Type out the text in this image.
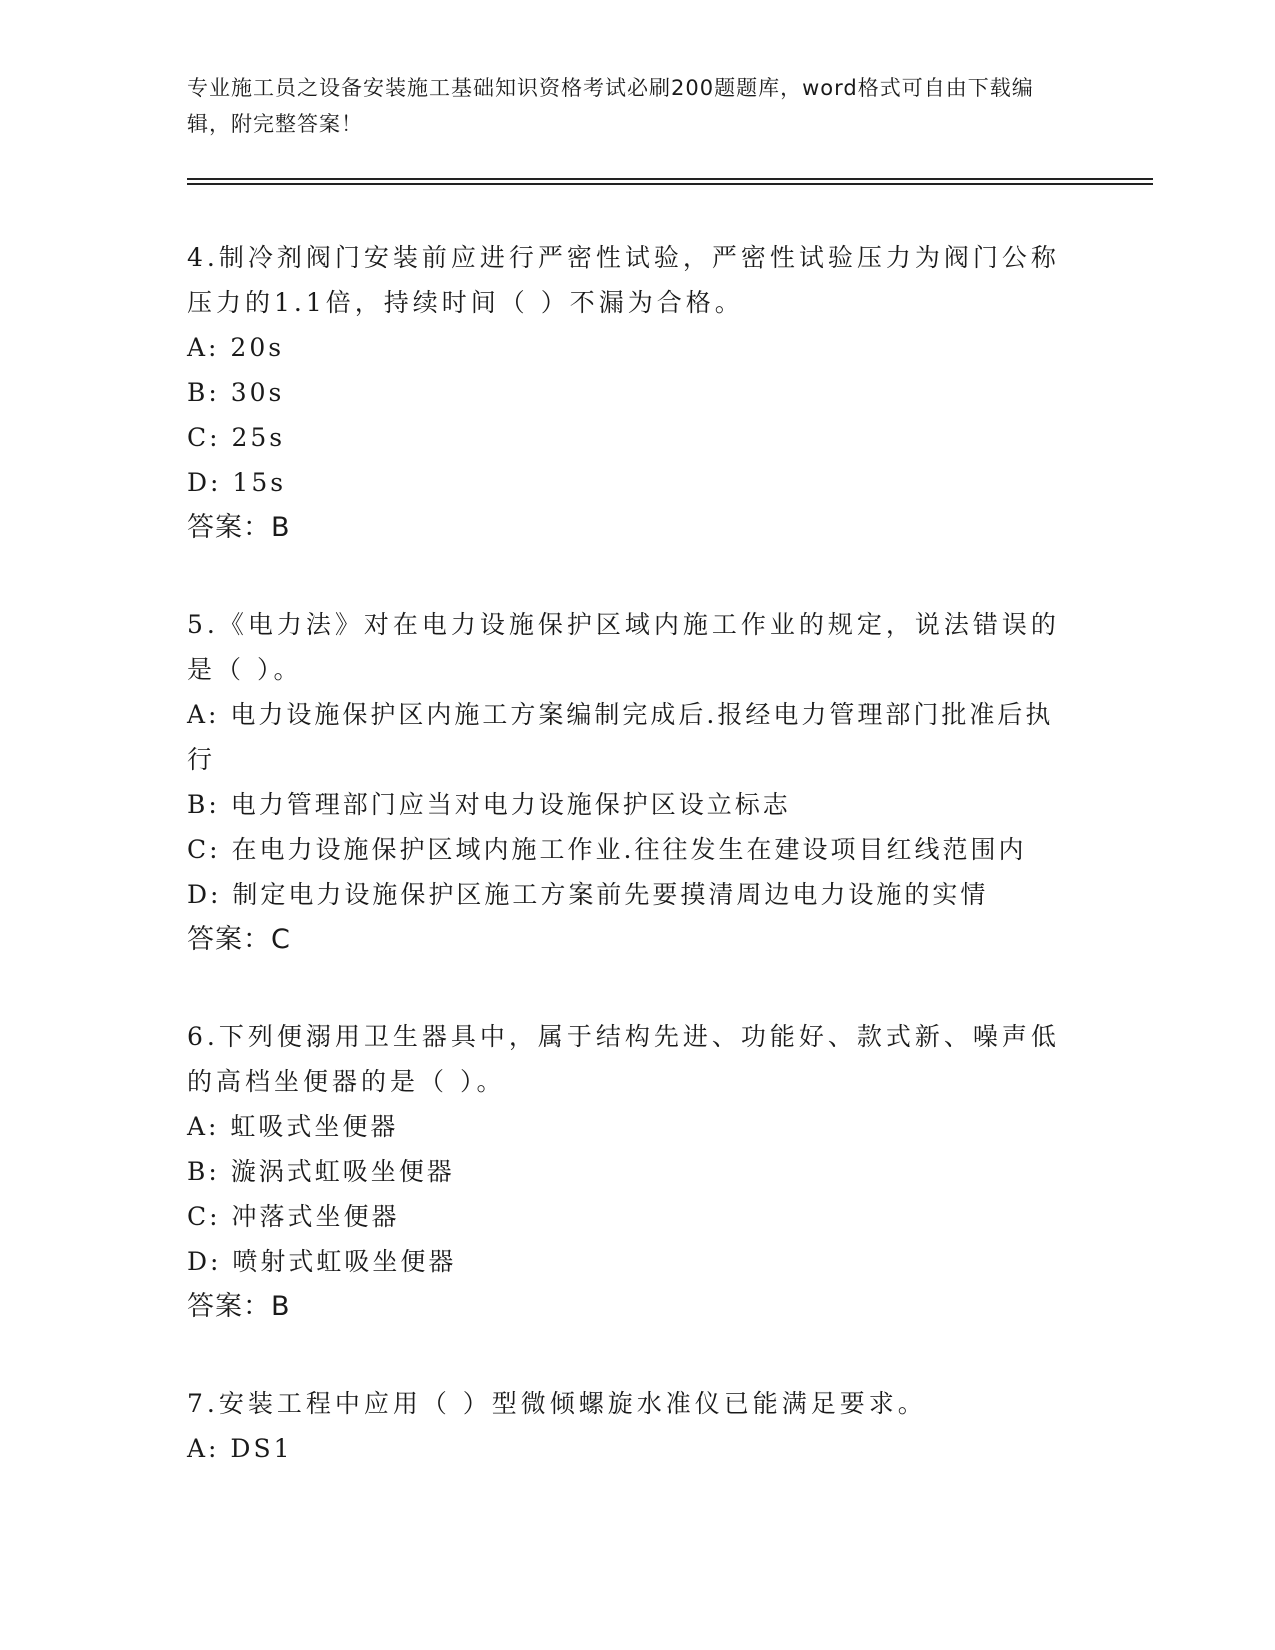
专业施工员之设备安装施工基础知识资格考试必刷200题题库，word格式可自由下载编辑，附完整答案！

4.制冷剂阀门安装前应进行严密性试验，严密性试验压力为阀门公称压力的1.1倍，持续时间（ ）不漏为合格。

A: 20s

B: 30s

C: 25s

D: 15s

答案：B

5.《电力法》对在电力设施保护区域内施工作业的规定，说法错误的是（ ）。

A: 电力设施保护区内施工方案编制完成后.报经电力管理部门批准后执行

B: 电力管理部门应当对电力设施保护区设立标志

C: 在电力设施保护区域内施工作业.往往发生在建设项目红线范围内

D: 制定电力设施保护区施工方案前先要摸清周边电力设施的实情

答案：C

6.下列便溺用卫生器具中，属于结构先进、功能好、款式新、噪声低的高档坐便器的是（ ）。

A: 虹吸式坐便器

B: 漩涡式虹吸坐便器

C: 冲落式坐便器

D: 喷射式虹吸坐便器

答案：B

7.安装工程中应用（ ）型微倾螺旋水准仪已能满足要求。

A: DS1
